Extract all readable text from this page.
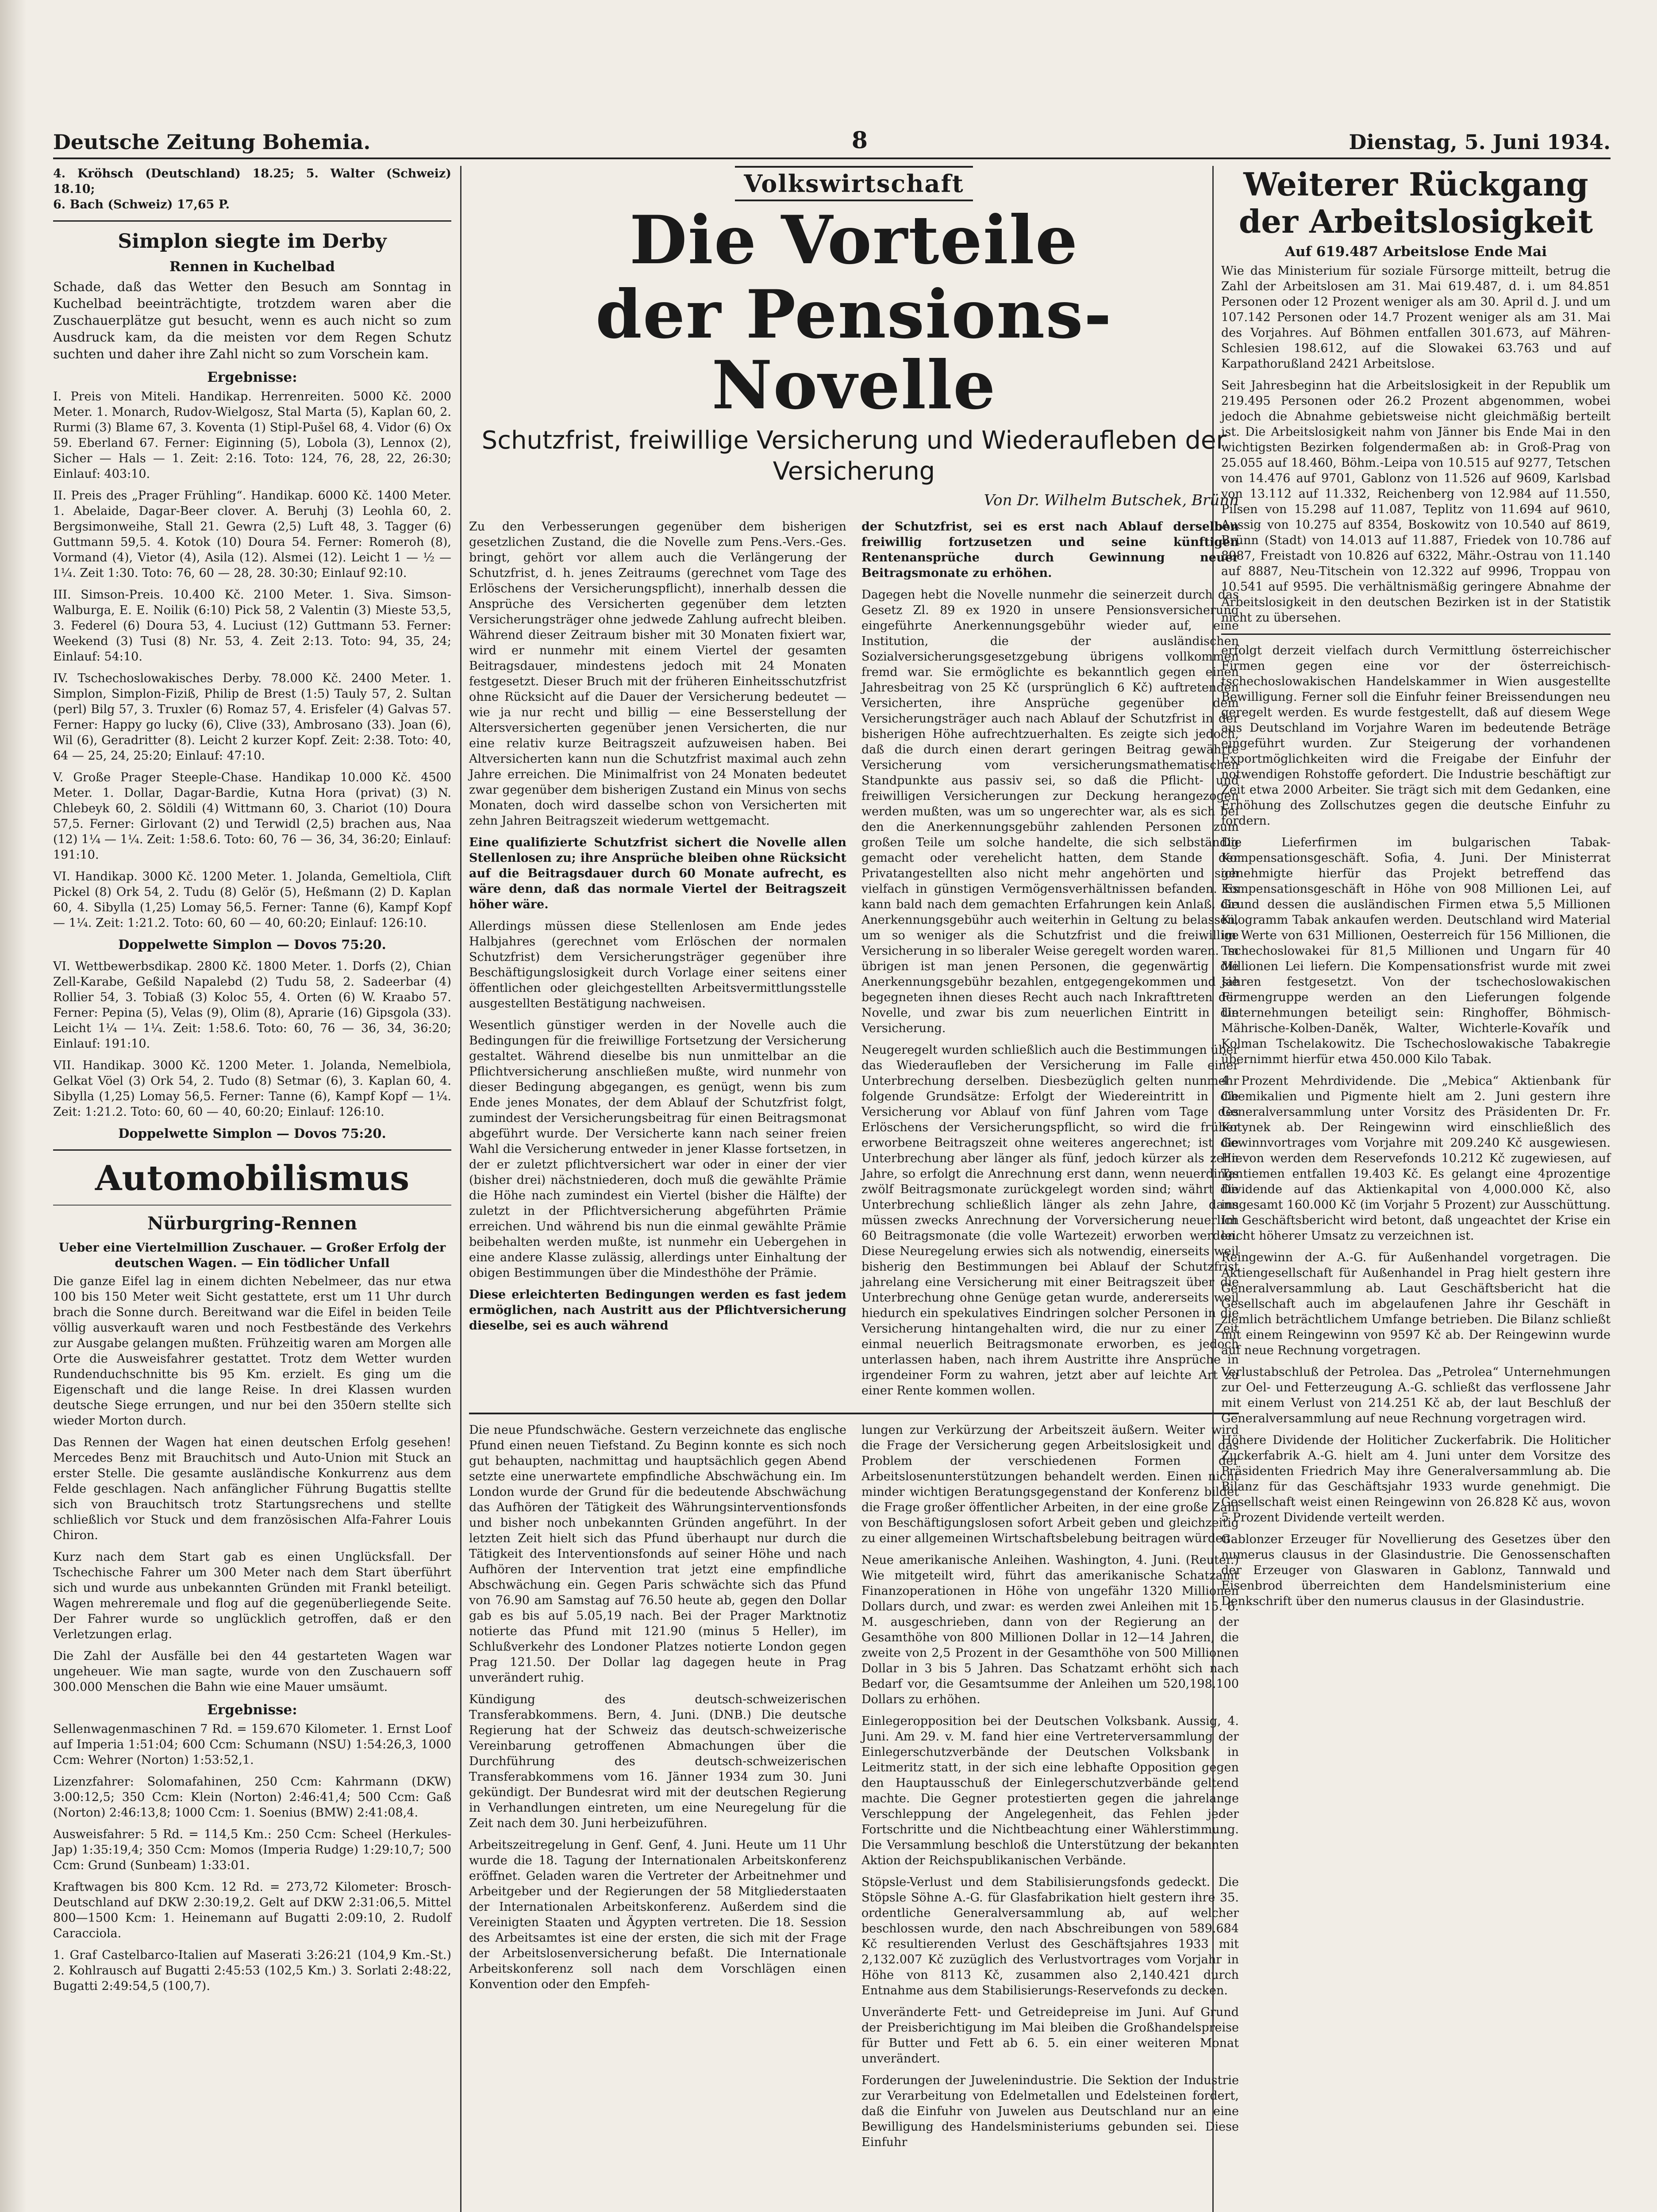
Deutsche Zeitung Bohemia.	8	Dienstag, 5. Juni 1934.

4. Kröhsch (Deutschland) 18.25; 5. Walter (Schweiz) 18.10;

6. Bach (Schweiz) 17,65 P.

Simplon siegte im Derby
Rennen in Kuchelbad

Schade, daß das Wetter den Besuch am Sonntag in Kuchelbad beeinträchtigte, trotzdem waren aber die Zuschauerplätze gut besucht, wenn es auch nicht so zum Ausdruck kam, da die meisten vor dem Regen Schutz suchten und daher ihre Zahl nicht so zum Vorschein kam.

Ergebnisse:

I. Preis von Miteli. Handikap. Herrenreiten. 5000 Kč. 2000 Meter. 1. Monarch, Rudov-Wielgosz, Stal Marta (5), Kaplan 60, 2. Rurmi (3) Blame 67, 3. Koventa (1) Stipl-Pušel 68, 4. Vidor (6) Ox 59. Eberland 67. Ferner: Eiginning (5), Lobola (3), Lennox (2), Sicher — Hals — 1. Zeit: 2:16. Toto: 124, 76, 28, 22, 26:30; Einlauf: 403:10.

II. Preis des „Prager Frühling“. Handikap. 6000 Kč. 1400 Meter. 1. Abelaide, Dagar-Beer clover. A. Beruhj (3) Leohla 60, 2. Bergsimonweihe, Stall 21. Gewra (2,5) Luft 48, 3. Tagger (6) Guttmann 59,5. 4. Kotok (10) Doura 54. Ferner: Romeroh (8), Vormand (4), Vietor (4), Asila (12). Alsmei (12). Leicht 1 — ½ — 1¼. Zeit 1:30. Toto: 76, 60 — 28, 28. 30:30; Einlauf 92:10.

III. Simson-Preis. 10.400 Kč. 2100 Meter. 1. Siva. Simson-Walburga, E. E. Noilik (6:10) Pick 58, 2 Valentin (3) Mieste 53,5, 3. Federel (6) Doura 53, 4. Luciust (12) Guttmann 53. Ferner: Weekend (3) Tusi (8) Nr. 53, 4. Zeit 2:13. Toto: 94, 35, 24; Einlauf: 54:10.

IV. Tschechoslowakisches Derby. 78.000 Kč. 2400 Meter. 1. Simplon, Simplon-Fiziß, Philip de Brest (1:5) Tauly 57, 2. Sultan (perl) Bilg 57, 3. Truxler (6) Romaz 57, 4. Erisfeler (4) Galvas 57. Ferner: Happy go lucky (6), Clive (33), Ambrosano (33). Joan (6), Wil (6), Geradritter (8). Leicht 2 kurzer Kopf. Zeit: 2:38. Toto: 40, 64 — 25, 24, 25:20; Einlauf: 47:10.

V. Große Prager Steeple-Chase. Handikap 10.000 Kč. 4500 Meter. 1. Dollar, Dagar-Bardie, Kutna Hora (privat) (3) N. Chlebeyk 60, 2. Söldili (4) Wittmann 60, 3. Chariot (10) Doura 57,5. Ferner: Girlovant (2) und Terwidl (2,5) brachen aus, Naa (12) 1¼ — 1¼. Zeit: 1:58.6. Toto: 60, 76 — 36, 34, 36:20; Einlauf: 191:10.

VI. Handikap. 3000 Kč. 1200 Meter. 1. Jolanda, Gemeltiola, Clift Pickel (8) Ork 54, 2. Tudu (8) Gelör (5), Heßmann (2) D. Kaplan 60, 4. Sibylla (1,25) Lomay 56,5. Ferner: Tanne (6), Kampf Kopf — 1¼. Zeit: 1:21.2. Toto: 60, 60 — 40, 60:20; Einlauf: 126:10.

Doppelwette Simplon — Dovos 75:20.

VI. Wettbewerbsdikap. 2800 Kč. 1800 Meter. 1. Dorfs (2), Chian Zell-Karabe, Geßild Napalebd (2) Tudu 58, 2. Sadeerbar (4) Rollier 54, 3. Tobiaß (3) Koloc 55, 4. Orten (6) W. Kraabo 57. Ferner: Pepina (5), Velas (9), Olim (8), Aprarie (16) Gipsgola (33). Leicht 1¼ — 1¼. Zeit: 1:58.6. Toto: 60, 76 — 36, 34, 36:20; Einlauf: 191:10.

VII. Handikap. 3000 Kč. 1200 Meter. 1. Jolanda, Nemelbiola, Gelkat Vöel (3) Ork 54, 2. Tudo (8) Setmar (6), 3. Kaplan 60, 4. Sibylla (1,25) Lomay 56,5. Ferner: Tanne (6), Kampf Kopf — 1¼. Zeit: 1:21.2. Toto: 60, 60 — 40, 60:20; Einlauf: 126:10.

Doppelwette Simplon — Dovos 75:20.

Automobilismus
Nürburgring-Rennen
Ueber eine Viertelmillion Zuschauer. — Großer Erfolg der deutschen Wagen. — Ein tödlicher Unfall

Die ganze Eifel lag in einem dichten Nebelmeer, das nur etwa 100 bis 150 Meter weit Sicht gestattete, erst um 11 Uhr durch brach die Sonne durch. Bereitwand war die Eifel in beiden Teile völlig ausverkauft waren und noch Festbestände des Verkehrs zur Ausgabe gelangen mußten. Frühzeitig waren am Morgen alle Orte die Ausweisfahrer gestattet. Trotz dem Wetter wurden Rundenduchschnitte bis 95 Km. erzielt. Es ging um die Eigenschaft und die lange Reise. In drei Klassen wurden deutsche Siege errungen, und nur bei den 350ern stellte sich wieder Morton durch.

Das Rennen der Wagen hat einen deutschen Erfolg gesehen! Mercedes Benz mit Brauchitsch und Auto-Union mit Stuck an erster Stelle. Die gesamte ausländische Konkurrenz aus dem Felde geschlagen. Nach anfänglicher Führung Bugattis stellte sich von Brauchitsch trotz Startungsrechens und stellte schließlich vor Stuck und dem französischen Alfa-Fahrer Louis Chiron.

Kurz nach dem Start gab es einen Unglücksfall. Der Tschechische Fahrer um 300 Meter nach dem Start überführt sich und wurde aus unbekannten Gründen mit Frankl beteiligt. Wagen mehreremale und flog auf die gegenüberliegende Seite. Der Fahrer wurde so unglücklich getroffen, daß er den Verletzungen erlag.

Die Zahl der Ausfälle bei den 44 gestarteten Wagen war ungeheuer. Wie man sagte, wurde von den Zuschauern soff 300.000 Menschen die Bahn wie eine Mauer umsäumt.

Ergebnisse:

Sellenwagenmaschinen 7 Rd. = 159.670 Kilometer. 1. Ernst Loof auf Imperia 1:51:04; 600 Ccm: Schumann (NSU) 1:54:26,3, 1000 Ccm: Wehrer (Norton) 1:53:52,1.

Lizenzfahrer: Solomafahinen, 250 Ccm: Kahrmann (DKW) 3:00:12,5; 350 Ccm: Klein (Norton) 2:46:41,4; 500 Ccm: Gaß (Norton) 2:46:13,8; 1000 Ccm: 1. Soenius (BMW) 2:41:08,4.

Ausweisfahrer: 5 Rd. = 114,5 Km.: 250 Ccm: Scheel (Herkules-Jap) 1:35:19,4; 350 Ccm: Momos (Imperia Rudge) 1:29:10,7; 500 Ccm: Grund (Sunbeam) 1:33:01.

Kraftwagen bis 800 Kcm. 12 Rd. = 273,72 Kilometer: Brosch-Deutschland auf DKW 2:30:19,2. Gelt auf DKW 2:31:06,5. Mittel 800—1500 Kcm: 1. Heinemann auf Bugatti 2:09:10, 2. Rudolf Caracciola.

1. Graf Castelbarco-Italien auf Maserati 3:26:21 (104,9 Km.-St.) 2. Kohlrausch auf Bugatti 2:45:53 (102,5 Km.) 3. Sorlati 2:48:22, Bugatti 2:49:54,5 (100,7).

Volkswirtschaft
Die Vorteile
der Pensions-Novelle
Schutzfrist, freiwillige Versicherung und Wiederaufleben der Versicherung
Von Dr. Wilhelm Butschek, Brünn

Zu den Verbesserungen gegenüber dem bisherigen gesetzlichen Zustand, die die Novelle zum Pens.-Vers.-Ges. bringt, gehört vor allem auch die Verlängerung der Schutzfrist, d. h. jenes Zeitraums (gerechnet vom Tage des Erlöschens der Versicherungspflicht), innerhalb dessen die Ansprüche des Versicherten gegenüber dem letzten Versicherungsträger ohne jedwede Zahlung aufrecht bleiben. Während dieser Zeitraum bisher mit 30 Monaten fixiert war, wird er nunmehr mit einem Viertel der gesamten Beitragsdauer, mindestens jedoch mit 24 Monaten festgesetzt. Dieser Bruch mit der früheren Einheitsschutzfrist ohne Rücksicht auf die Dauer der Versicherung bedeutet — wie ja nur recht und billig — eine Besserstellung der Altersversicherten gegenüber jenen Versicherten, die nur eine relativ kurze Beitragszeit aufzuweisen haben. Bei Altversicherten kann nun die Schutzfrist maximal auch zehn Jahre erreichen. Die Minimalfrist von 24 Monaten bedeutet zwar gegenüber dem bisherigen Zustand ein Minus von sechs Monaten, doch wird dasselbe schon von Versicherten mit zehn Jahren Beitragszeit wiederum wettgemacht.

Eine qualifizierte Schutzfrist sichert die Novelle allen Stellenlosen zu; ihre Ansprüche bleiben ohne Rücksicht auf die Beitragsdauer durch 60 Monate aufrecht, es wäre denn, daß das normale Viertel der Beitragszeit höher wäre.

Allerdings müssen diese Stellenlosen am Ende jedes Halbjahres (gerechnet vom Erlöschen der normalen Schutzfrist) dem Versicherungsträger gegenüber ihre Beschäftigungslosigkeit durch Vorlage einer seitens einer öffentlichen oder gleichgestellten Arbeitsvermittlungsstelle ausgestellten Bestätigung nachweisen.

Wesentlich günstiger werden in der Novelle auch die Bedingungen für die freiwillige Fortsetzung der Versicherung gestaltet. Während dieselbe bis nun unmittelbar an die Pflichtversicherung anschließen mußte, wird nunmehr von dieser Bedingung abgegangen, es genügt, wenn bis zum Ende jenes Monates, der dem Ablauf der Schutzfrist folgt, zumindest der Versicherungsbeitrag für einen Beitragsmonat abgeführt wurde. Der Versicherte kann nach seiner freien Wahl die Versicherung entweder in jener Klasse fortsetzen, in der er zuletzt pflichtversichert war oder in einer der vier (bisher drei) nächstniederen, doch muß die gewählte Prämie die Höhe nach zumindest ein Viertel (bisher die Hälfte) der zuletzt in der Pflichtversicherung abgeführten Prämie erreichen. Und während bis nun die einmal gewählte Prämie beibehalten werden mußte, ist nunmehr ein Uebergehen in eine andere Klasse zulässig, allerdings unter Einhaltung der obigen Bestimmungen über die Mindesthöhe der Prämie.

Diese erleichterten Bedingungen werden es fast jedem ermöglichen, nach Austritt aus der Pflichtversicherung dieselbe, sei es auch während

der Schutzfrist, sei es erst nach Ablauf derselben freiwillig fortzusetzen und seine künftigen Rentenansprüche durch Gewinnung neuer Beitragsmonate zu erhöhen.

Dagegen hebt die Novelle nunmehr die seinerzeit durch das Gesetz Zl. 89 ex 1920 in unsere Pensionsversicherung eingeführte Anerkennungsgebühr wieder auf, eine Institution, die der ausländischen Sozialversicherungsgesetzgebung übrigens vollkommen fremd war. Sie ermöglichte es bekanntlich gegen einen Jahresbeitrag von 25 Kč (ursprünglich 6 Kč) auftretenden Versicherten, ihre Ansprüche gegenüber dem Versicherungsträger auch nach Ablauf der Schutzfrist in der bisherigen Höhe aufrechtzuerhalten. Es zeigte sich jedoch, daß die durch einen derart geringen Beitrag gewährte Versicherung vom versicherungsmathematischen Standpunkte aus passiv sei, so daß die Pflicht- und freiwilligen Versicherungen zur Deckung herangezogen werden mußten, was um so ungerechter war, als es sich bei den die Anerkennungsgebühr zahlenden Personen zum großen Teile um solche handelte, die sich selbständig gemacht oder verehelicht hatten, dem Stande der Privatangestellten also nicht mehr angehörten und sich vielfach in günstigen Vermögensverhältnissen befanden. Es kann bald nach dem gemachten Erfahrungen kein Anlaß, die Anerkennungsgebühr auch weiterhin in Geltung zu belassen, um so weniger als die Schutzfrist und die freiwillige Versicherung in so liberaler Weise geregelt worden waren. Im übrigen ist man jenen Personen, die gegenwärtig die Anerkennungsgebühr bezahlen, entgegengekommen und sie begegneten ihnen dieses Recht auch nach Inkrafttreten der Novelle, und zwar bis zum neuerlichen Eintritt in die Versicherung.

Neugeregelt wurden schließlich auch die Bestimmungen über das Wiederaufleben der Versicherung im Falle einer Unterbrechung derselben. Diesbezüglich gelten nunmehr folgende Grundsätze: Erfolgt der Wiedereintritt in die Versicherung vor Ablauf von fünf Jahren vom Tage des Erlöschens der Versicherungspflicht, so wird die früher erworbene Beitragszeit ohne weiteres angerechnet; ist die Unterbrechung aber länger als fünf, jedoch kürzer als zehn Jahre, so erfolgt die Anrechnung erst dann, wenn neuerdings zwölf Beitragsmonate zurückgelegt worden sind; währt die Unterbrechung schließlich länger als zehn Jahre, dann müssen zwecks Anrechnung der Vorversicherung neuerlich 60 Beitragsmonate (die volle Wartezeit) erworben werden. Diese Neuregelung erwies sich als notwendig, einerseits weil bisherig den Bestimmungen bei Ablauf der Schutzfrist jahrelang eine Versicherung mit einer Beitragszeit über die Unterbrechung ohne Genüge getan wurde, andererseits weil hiedurch ein spekulatives Eindringen solcher Personen in die Versicherung hintangehalten wird, die nur zu einer Zeit einmal neuerlich Beitragsmonate erworben, es jedoch unterlassen haben, nach ihrem Austritte ihre Ansprüche in irgendeiner Form zu wahren, jetzt aber auf leichte Art zu einer Rente kommen wollen.

Die neue Pfundschwäche. Gestern verzeichnete das englische Pfund einen neuen Tiefstand. Zu Beginn konnte es sich noch gut behaupten, nachmittag und hauptsächlich gegen Abend setzte eine unerwartete empfindliche Abschwächung ein. Im London wurde der Grund für die bedeutende Abschwächung das Aufhören der Tätigkeit des Währungsinterventionsfonds und bisher noch unbekannten Gründen angeführt. In der letzten Zeit hielt sich das Pfund überhaupt nur durch die Tätigkeit des Interventionsfonds auf seiner Höhe und nach Aufhören der Intervention trat jetzt eine empfindliche Abschwächung ein. Gegen Paris schwächte sich das Pfund von 76.90 am Samstag auf 76.50 heute ab, gegen den Dollar gab es bis auf 5.05,19 nach. Bei der Prager Marktnotiz notierte das Pfund mit 121.90 (minus 5 Heller), im Schlußverkehr des Londoner Platzes notierte London gegen Prag 121.50. Der Dollar lag dagegen heute in Prag unverändert ruhig.

Kündigung des deutsch-schweizerischen Transferabkommens. Bern, 4. Juni. (DNB.) Die deutsche Regierung hat der Schweiz das deutsch-schweizerische Vereinbarung getroffenen Abmachungen über die Durchführung des deutsch-schweizerischen Transferabkommens vom 16. Jänner 1934 zum 30. Juni gekündigt. Der Bundesrat wird mit der deutschen Regierung in Verhandlungen eintreten, um eine Neuregelung für die Zeit nach dem 30. Juni herbeizuführen.

Arbeitszeitregelung in Genf. Genf, 4. Juni. Heute um 11 Uhr wurde die 18. Tagung der Internationalen Arbeitskonferenz eröffnet. Geladen waren die Vertreter der Arbeitnehmer und Arbeitgeber und der Regierungen der 58 Mitgliederstaaten der Internationalen Arbeitskonferenz. Außerdem sind die Vereinigten Staaten und Ägypten vertreten. Die 18. Session des Arbeitsamtes ist eine der ersten, die sich mit der Frage der Arbeitslosenversicherung befaßt. Die Internationale Arbeitskonferenz soll nach dem Vorschlägen einen Konvention oder den Empfeh-

lungen zur Verkürzung der Arbeitszeit äußern. Weiter wird die Frage der Versicherung gegen Arbeitslosigkeit und das Problem der verschiedenen Formen der Arbeitslosenunterstützungen behandelt werden. Einen nicht minder wichtigen Beratungsgegenstand der Konferenz bildet die Frage großer öffentlicher Arbeiten, in der eine große Zahl von Beschäftigungslosen sofort Arbeit geben und gleichzeitig zu einer allgemeinen Wirtschaftsbelebung beitragen würden.

Neue amerikanische Anleihen. Washington, 4. Juni. (Reuter.) Wie mitgeteilt wird, führt das amerikanische Schatzamt Finanzoperationen in Höhe von ungefähr 1320 Millionen Dollars durch, und zwar: es werden zwei Anleihen mit 15. 6. M. ausgeschrieben, dann von der Regierung an der Gesamthöhe von 800 Millionen Dollar in 12—14 Jahren, die zweite von 2,5 Prozent in der Gesamthöhe von 500 Millionen Dollar in 3 bis 5 Jahren. Das Schatzamt erhöht sich nach Bedarf vor, die Gesamtsumme der Anleihen um 520,198.100 Dollars zu erhöhen.

Einlegeropposition bei der Deutschen Volksbank. Aussig, 4. Juni. Am 29. v. M. fand hier eine Vertreterversammlung der Einlegerschutzverbände der Deutschen Volksbank in Leitmeritz statt, in der sich eine lebhafte Opposition gegen den Hauptausschuß der Einlegerschutzverbände geltend machte. Die Gegner protestierten gegen die jahrelange Verschleppung der Angelegenheit, das Fehlen jeder Fortschritte und die Nichtbeachtung einer Wählerstimmung. Die Versammlung beschloß die Unterstützung der bekannten Aktion der Reichspublikanischen Verbände.

Stöpsle-Verlust und dem Stabilisierungsfonds gedeckt. Die Stöpsle Söhne A.-G. für Glasfabrikation hielt gestern ihre 35. ordentliche Generalversammlung ab, auf welcher beschlossen wurde, den nach Abschreibungen von 589.684 Kč resultierenden Verlust des Geschäftsjahres 1933 mit 2,132.007 Kč zuzüglich des Verlustvortrages vom Vorjahr in Höhe von 8113 Kč, zusammen also 2,140.421 durch Entnahme aus dem Stabilisierungs-Reservefonds zu decken.

Unveränderte Fett- und Getreidepreise im Juni. Auf Grund der Preisberichtigung im Mai bleiben die Großhandelspreise für Butter und Fett ab 6. 5. ein einer weiteren Monat unverändert.

Forderungen der Juwelenindustrie. Die Sektion der Industrie zur Verarbeitung von Edelmetallen und Edelsteinen fordert, daß die Einfuhr von Juwelen aus Deutschland nur an eine Bewilligung des Handelsministeriums gebunden sei. Diese Einfuhr

Weiterer Rückgang
der Arbeitslosigkeit
Auf 619.487 Arbeitslose Ende Mai

Wie das Ministerium für soziale Fürsorge mitteilt, betrug die Zahl der Arbeitslosen am 31. Mai 619.487, d. i. um 84.851 Personen oder 12 Prozent weniger als am 30. April d. J. und um 107.142 Personen oder 14.7 Prozent weniger als am 31. Mai des Vorjahres. Auf Böhmen entfallen 301.673, auf Mähren-Schlesien 198.612, auf die Slowakei 63.763 und auf Karpathorußland 2421 Arbeitslose.

Seit Jahresbeginn hat die Arbeitslosigkeit in der Republik um 219.495 Personen oder 26.2 Prozent abgenommen, wobei jedoch die Abnahme gebietsweise nicht gleichmäßig berteilt ist. Die Arbeitslosigkeit nahm von Jänner bis Ende Mai in den wichtigsten Bezirken folgendermaßen ab: in Groß-Prag von 25.055 auf 18.460, Böhm.-Leipa von 10.515 auf 9277, Tetschen von 14.476 auf 9701, Gablonz von 11.526 auf 9609, Karlsbad von 13.112 auf 11.332, Reichenberg von 12.984 auf 11.550, Pilsen von 15.298 auf 11.087, Teplitz von 11.694 auf 9610, Aussig von 10.275 auf 8354, Boskowitz von 10.540 auf 8619, Brünn (Stadt) von 14.013 auf 11.887, Friedek von 10.786 auf 8987, Freistadt von 10.826 auf 6322, Mähr.-Ostrau von 11.140 auf 8887, Neu-Titschein von 12.322 auf 9996, Troppau von 10.541 auf 9595. Die verhältnismäßig geringere Abnahme der Arbeitslosigkeit in den deutschen Bezirken ist in der Statistik nicht zu übersehen.

erfolgt derzeit vielfach durch Vermittlung österreichischer Firmen gegen eine vor der österreichisch-tschechoslowakischen Handelskammer in Wien ausgestellte Bewilligung. Ferner soll die Einfuhr feiner Breissendungen neu geregelt werden. Es wurde festgestellt, daß auf diesem Wege aus Deutschland im Vorjahre Waren im bedeutende Beträge eingeführt wurden. Zur Steigerung der vorhandenen Exportmöglichkeiten wird die Freigabe der Einfuhr der notwendigen Rohstoffe gefordert. Die Industrie beschäftigt zur Zeit etwa 2000 Arbeiter. Sie trägt sich mit dem Gedanken, eine Erhöhung des Zollschutzes gegen die deutsche Einfuhr zu fordern.

Die Lieferfirmen im bulgarischen Tabak-Kompensationsgeschäft. Sofia, 4. Juni. Der Ministerrat genehmigte hierfür das Projekt betreffend das Kompensationsgeschäft in Höhe von 908 Millionen Lei, auf Grund dessen die ausländischen Firmen etwa 5,5 Millionen Kilogramm Tabak ankaufen werden. Deutschland wird Material im Werte von 631 Millionen, Oesterreich für 156 Millionen, die Tschechoslowakei für 81,5 Millionen und Ungarn für 40 Millionen Lei liefern. Die Kompensationsfrist wurde mit zwei Jahren festgesetzt. Von der tschechoslowakischen Firmengruppe werden an den Lieferungen folgende Unternehmungen beteiligt sein: Ringhoffer, Böhmisch-Mährische-Kolben-Daněk, Walter, Wichterle-Kovařík und Kolman Tschelakowitz. Die Tschechoslowakische Tabakregie übernimmt hierfür etwa 450.000 Kilo Tabak.

4 Prozent Mehrdividende. Die „Mebica“ Aktienbank für Chemikalien und Pigmente hielt am 2. Juni gestern ihre Generalversammlung unter Vorsitz des Präsidenten Dr. Fr. Kotynek ab. Der Reingewinn wird einschließlich des Gewinnvortrages vom Vorjahre mit 209.240 Kč ausgewiesen. Hievon werden dem Reservefonds 10.212 Kč zugewiesen, auf Tantiemen entfallen 19.403 Kč. Es gelangt eine 4prozentige Dividende auf das Aktienkapital von 4,000.000 Kč, also insgesamt 160.000 Kč (im Vorjahr 5 Prozent) zur Ausschüttung. Im Geschäftsbericht wird betont, daß ungeachtet der Krise ein leicht höherer Umsatz zu verzeichnen ist.

Reingewinn der A.-G. für Außenhandel vorgetragen. Die Aktiengesellschaft für Außenhandel in Prag hielt gestern ihre Generalversammlung ab. Laut Geschäftsbericht hat die Gesellschaft auch im abgelaufenen Jahre ihr Geschäft in ziemlich beträchtlichem Umfange betrieben. Die Bilanz schließt mit einem Reingewinn von 9597 Kč ab. Der Reingewinn wurde auf neue Rechnung vorgetragen.

Verlustabschluß der Petrolea. Das „Petrolea“ Unternehmungen zur Oel- und Fetterzeugung A.-G. schließt das verflossene Jahr mit einem Verlust von 214.251 Kč ab, der laut Beschluß der Generalversammlung auf neue Rechnung vorgetragen wird.

Höhere Dividende der Holiticher Zuckerfabrik. Die Holiticher Zuckerfabrik A.-G. hielt am 4. Juni unter dem Vorsitze des Präsidenten Friedrich May ihre Generalversammlung ab. Die Bilanz für das Geschäftsjahr 1933 wurde genehmigt. Die Gesellschaft weist einen Reingewinn von 26.828 Kč aus, wovon 5 Prozent Dividende verteilt werden.

Gablonzer Erzeuger für Novellierung des Gesetzes über den numerus clausus in der Glasindustrie. Die Genossenschaften der Erzeuger von Glaswaren in Gablonz, Tannwald und Eisenbrod überreichten dem Handelsministerium eine Denkschrift über den numerus clausus in der Glasindustrie.
